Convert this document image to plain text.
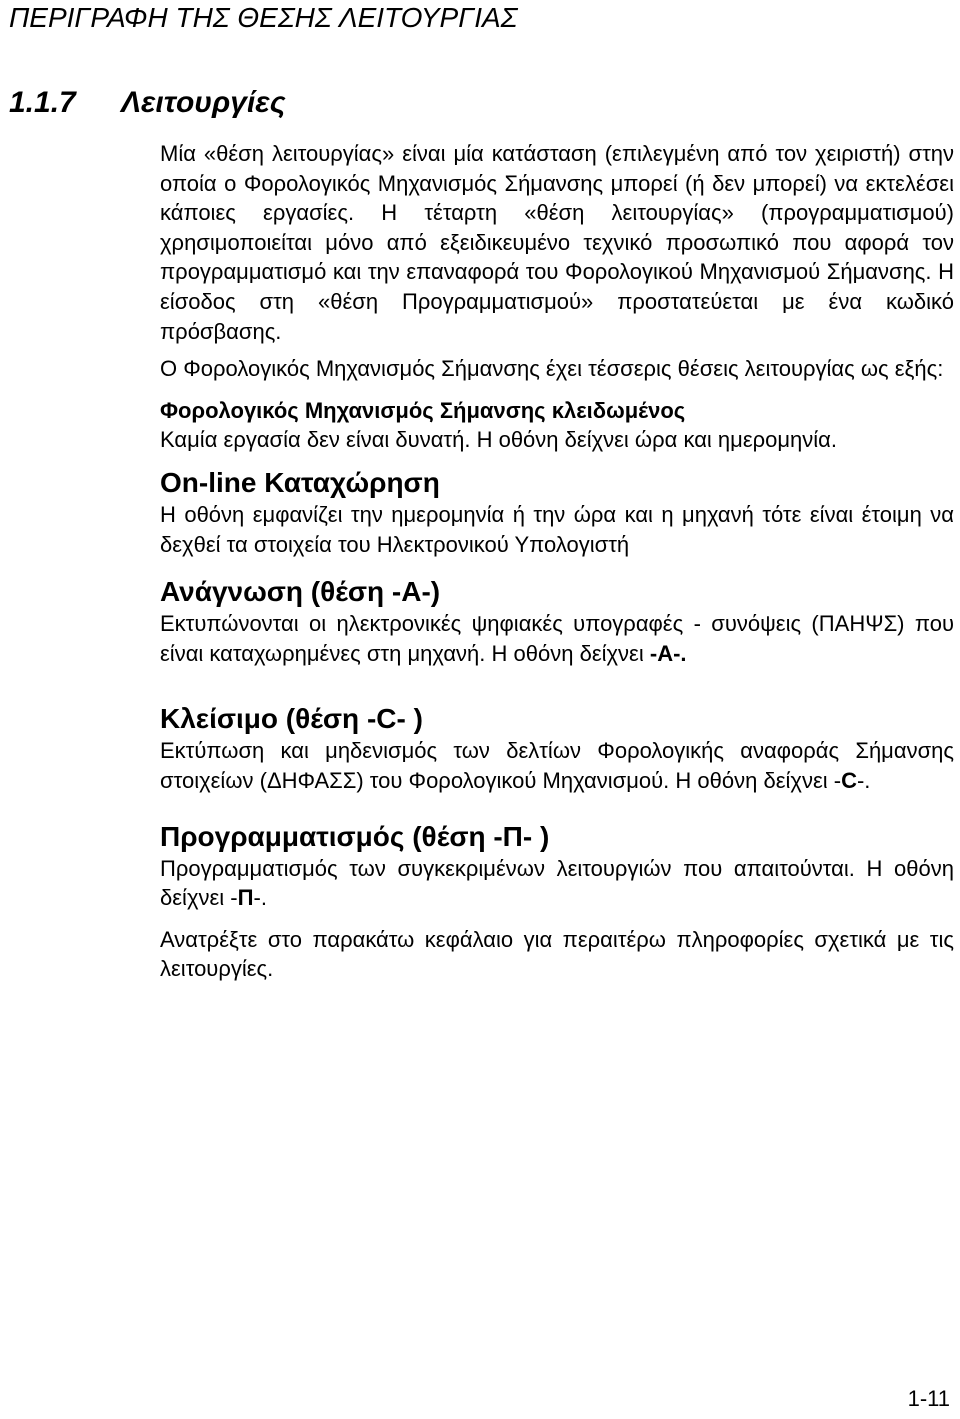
ΠΕΡΙΓΡΑΦΗ ΤΗΣ ΘΕΣΗΣ ΛΕΙΤΟΥΡΓΙΑΣ
1.1.7 Λειτουργίες

Μία «θέση λειτουργίας» είναι μία κατάσταση (επιλεγμένη από τον χειριστή) στην οποία ο Φορολογικός Μηχανισμός Σήμανσης μπορεί (ή δεν μπορεί) να εκτελέσει κάποιες εργασίες. Η τέταρτη «θέση λειτουργίας» (προγραμματισμού) χρησιμοποιείται μόνο από εξειδικευμένο τεχνικό προσωπικό που αφορά τον προγραμματισμό και την επαναφορά του Φορολογικού Μηχανισμού Σήμανσης. Η είσοδος στη «θέση Προγραμματισμού» προστατεύεται με ένα κωδικό πρόσβασης.

Ο Φορολογικός Μηχανισμός Σήμανσης έχει τέσσερις θέσεις λειτουργίας ως εξής:

Φορολογικός Μηχανισμός Σήμανσης κλειδωμένος

Καμία εργασία δεν είναι δυνατή. Η οθόνη δείχνει ώρα και ημερομηνία.

On-line Καταχώρηση

Η οθόνη εμφανίζει την ημερομηνία ή την ώρα και η μηχανή τότε είναι έτοιμη να δεχθεί τα στοιχεία του Ηλεκτρονικού Υπολογιστή

Ανάγνωση (θέση -Α-)

Εκτυπώνονται οι ηλεκτρονικές ψηφιακές υπογραφές - συνόψεις (ΠΑΗΨΣ) που είναι καταχωρημένες στη μηχανή. Η οθόνη δείχνει -Α-.

Κλείσιμο (θέση -C- )

Εκτύπωση και μηδενισμός των δελτίων Φορολογικής αναφοράς Σήμανσης στοιχείων (ΔΗΦΑΣΣ) του Φορολογικού Μηχανισμού. Η οθόνη δείχνει -C-.

Προγραμματισμός (θέση -Π- )

Προγραμματισμός των συγκεκριμένων λειτουργιών που απαιτούνται. Η οθόνη δείχνει -Π-.

Ανατρέξτε στο παρακάτω κεφάλαιο για περαιτέρω πληροφορίες σχετικά με τις λειτουργίες.

1-11
